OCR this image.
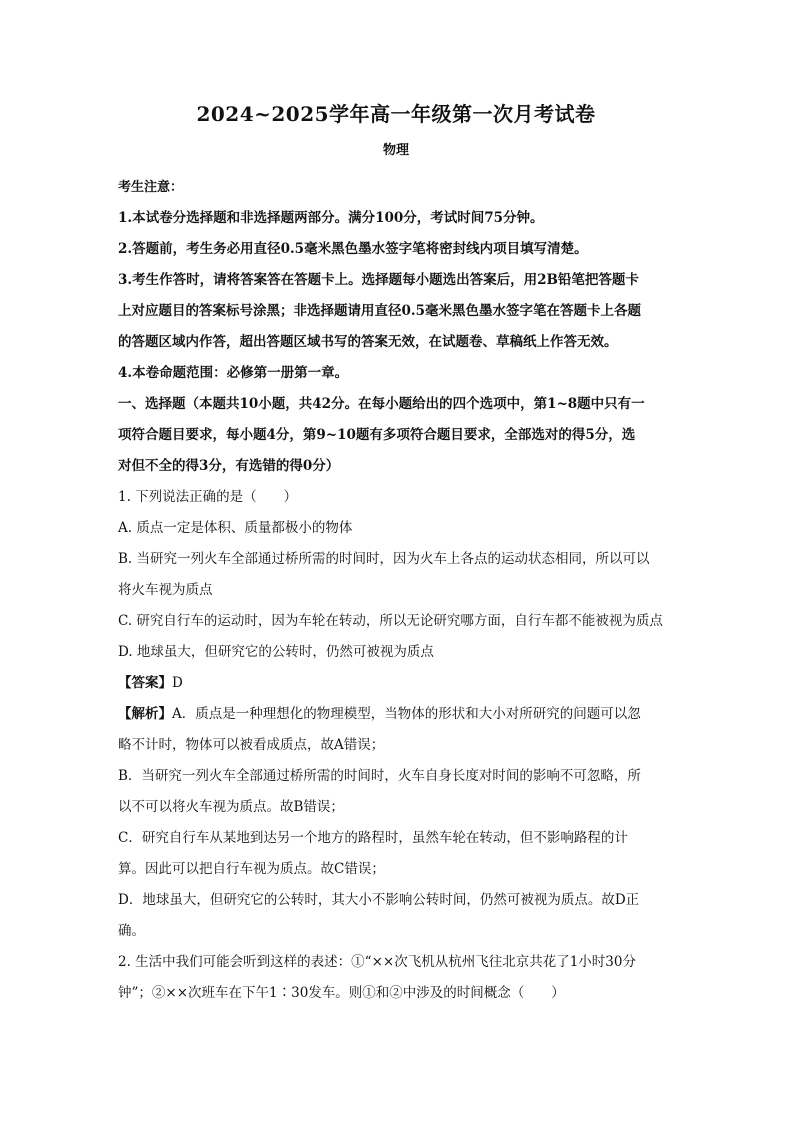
2024~2025学年高一年级第一次月考试卷
物理

考生注意：

1.本试卷分选择题和非选择题两部分。满分100分，考试时间75分钟。

2.答题前，考生务必用直径0.5毫米黑色墨水签字笔将密封线内项目填写清楚。

3.考生作答时，请将答案答在答题卡上。选择题每小题选出答案后，用2B铅笔把答题卡

上对应题目的答案标号涂黑；非选择题请用直径0.5毫米黑色墨水签字笔在答题卡上各题

的答题区域内作答，超出答题区域书写的答案无效，在试题卷、草稿纸上作答无效。

4.本卷命题范围：必修第一册第一章。

一、选择题（本题共10小题，共42分。在每小题给出的四个选项中，第1~8题中只有一

项符合题目要求，每小题4分，第9~10题有多项符合题目要求，全部选对的得5分，选

对但不全的得3分，有选错的得0分）

1. 下列说法正确的是（　　）

A. 质点一定是体积、质量都极小的物体

B. 当研究一列火车全部通过桥所需的时间时，因为火车上各点的运动状态相同，所以可以

将火车视为质点

C. 研究自行车的运动时，因为车轮在转动，所以无论研究哪方面，自行车都不能被视为质点

D. 地球虽大，但研究它的公转时，仍然可被视为质点

【答案】D

【解析】A．质点是一种理想化的物理模型，当物体的形状和大小对所研究的问题可以忽

略不计时，物体可以被看成质点，故A错误；

B．当研究一列火车全部通过桥所需的时间时，火车自身长度对时间的影响不可忽略，所

以不可以将火车视为质点。故B错误；

C．研究自行车从某地到达另一个地方的路程时，虽然车轮在转动，但不影响路程的计

算。因此可以把自行车视为质点。故C错误；

D．地球虽大，但研究它的公转时，其大小不影响公转时间，仍然可被视为质点。故D正

确。

2. 生活中我们可能会听到这样的表述：①“××次飞机从杭州飞往北京共花了1小时30分

钟”；②××次班车在下午1∶30发车。则①和②中涉及的时间概念（　　）
